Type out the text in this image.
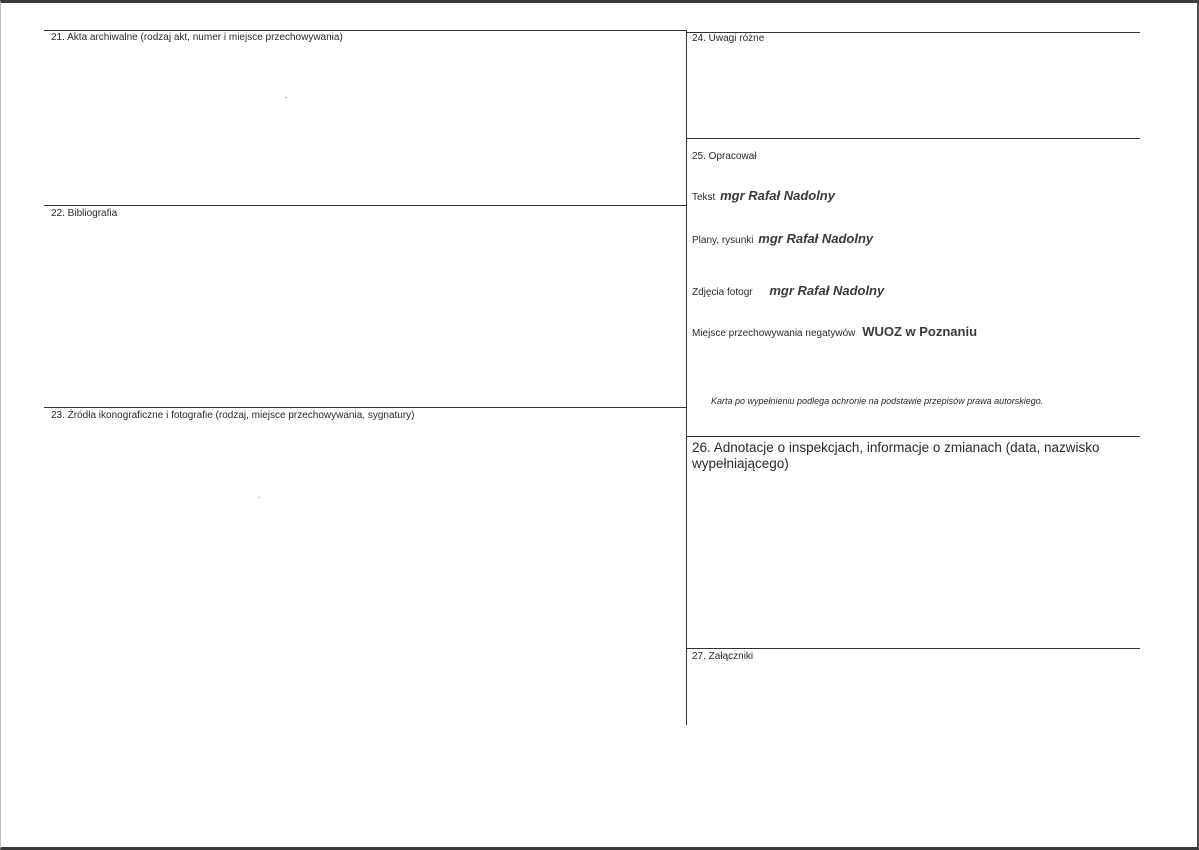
21. Akta archiwalne (rodzaj akt, numer i miejsce przechowywania)
22. Bibliografia
23. Źródła ikonograficzne i fotografie (rodzaj, miejsce przechowywania, sygnatury)
24. Uwagi różne
25. Opracował
Tekst mgr Rafał Nadolny
Plany, rysunki mgr Rafał Nadolny
Zdjęcia fotogr mgr Rafał Nadolny
Miejsce przechowywania negatywów WUOZ w Poznaniu
Karta po wypełnieniu podlega ochronie na podstawie przepisów prawa autorskiego.
26. Adnotacje o inspekcjach, informacje o zmianach (data, nazwisko wypełniającego)
27. Załączniki
